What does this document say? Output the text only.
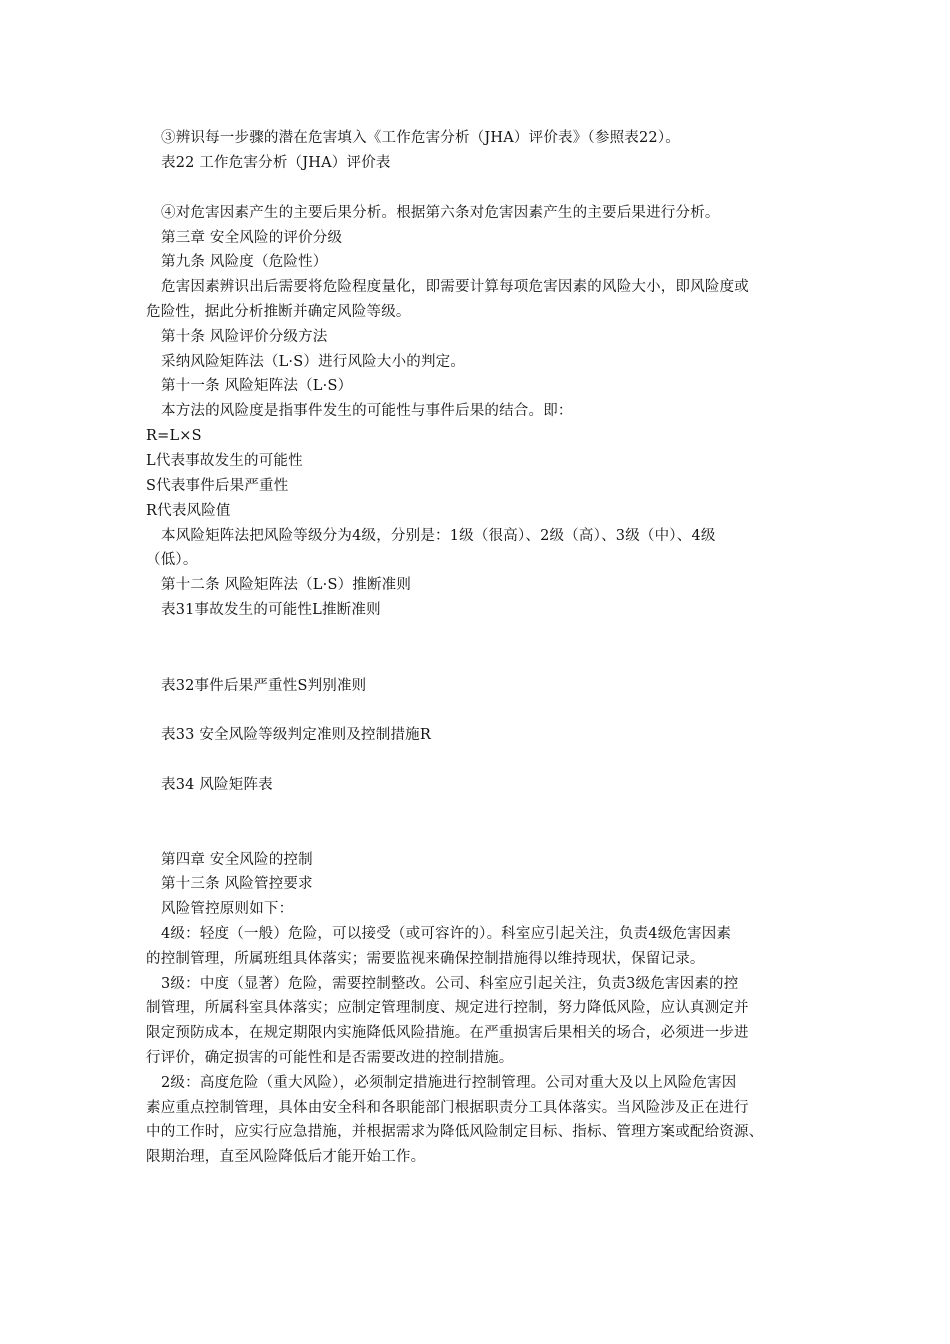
③辨识每一步骤的潜在危害填入《工作危害分析（JHA）评价表》（参照表22）。
表22 工作危害分析（JHA）评价表
④对危害因素产生的主要后果分析。根据第六条对危害因素产生的主要后果进行分析。
第三章 安全风险的评价分级
第九条 风险度（危险性）
危害因素辨识出后需要将危险程度量化，即需要计算每项危害因素的风险大小，即风险度或
危险性，据此分析推断并确定风险等级。
第十条 风险评价分级方法
采纳风险矩阵法（L·S）进行风险大小的判定。
第十一条 风险矩阵法（L·S）
本方法的风险度是指事件发生的可能性与事件后果的结合。即：
R=L×S
L代表事故发生的可能性
S代表事件后果严重性
R代表风险值
本风险矩阵法把风险等级分为4级，分别是：1级（很高）、2级（高）、3级（中）、4级
（低）。
第十二条 风险矩阵法（L·S）推断准则
表31事故发生的可能性L推断准则
表32事件后果严重性S判别准则
表33 安全风险等级判定准则及控制措施R
表34 风险矩阵表
第四章 安全风险的控制
第十三条 风险管控要求
风险管控原则如下：
4级：轻度（一般）危险，可以接受（或可容许的）。科室应引起关注，负责4级危害因素
的控制管理，所属班组具体落实；需要监视来确保控制措施得以维持现状，保留记录。
3级：中度（显著）危险，需要控制整改。公司、科室应引起关注，负责3级危害因素的控
制管理，所属科室具体落实；应制定管理制度、规定进行控制，努力降低风险，应认真测定并
限定预防成本，在规定期限内实施降低风险措施。在严重损害后果相关的场合，必须进一步进
行评价，确定损害的可能性和是否需要改进的控制措施。
2级：高度危险（重大风险），必须制定措施进行控制管理。公司对重大及以上风险危害因
素应重点控制管理，具体由安全科和各职能部门根据职责分工具体落实。当风险涉及正在进行
中的工作时，应实行应急措施，并根据需求为降低风险制定目标、指标、管理方案或配给资源、
限期治理，直至风险降低后才能开始工作。
